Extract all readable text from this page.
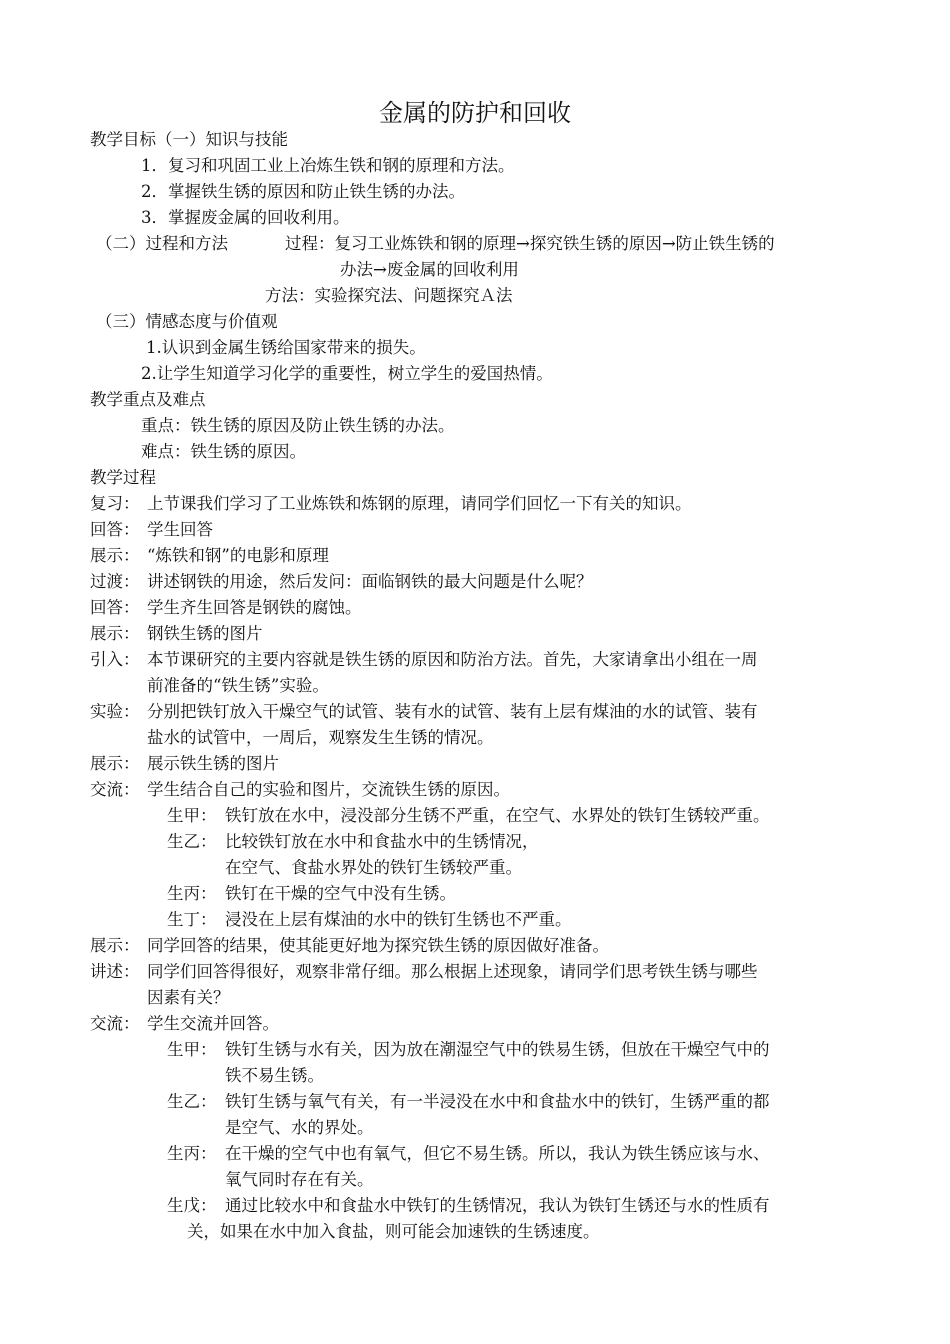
金属的防护和回收
教学目标（一）知识与技能
1．复习和巩固工业上冶炼生铁和钢的原理和方法。
2．掌握铁生锈的原因和防止铁生锈的办法。
3．掌握废金属的回收利用。
（二）过程和方法	过程：复习工业炼铁和钢的原理→探究铁生锈的原因→防止铁生锈的
办法→废金属的回收利用
方法：实验探究法、问题探究Ａ法
（三）情感态度与价值观
1.认识到金属生锈给国家带来的损失。
2.让学生知道学习化学的重要性，树立学生的爱国热情。
教学重点及难点
重点：铁生锈的原因及防止铁生锈的办法。
难点：铁生锈的原因。
教学过程
复习： 上节课我们学习了工业炼铁和炼钢的原理，请同学们回忆一下有关的知识。
回答： 学生回答
展示： “炼铁和钢”的电影和原理
过渡： 讲述钢铁的用途，然后发问：面临钢铁的最大问题是什么呢？
回答： 学生齐生回答是钢铁的腐蚀。
展示： 钢铁生锈的图片
引入： 本节课研究的主要内容就是铁生锈的原因和防治方法。首先，大家请拿出小组在一周
前准备的“铁生锈”实验。
实验： 分别把铁钉放入干燥空气的试管、装有水的试管、装有上层有煤油的水的试管、装有
盐水的试管中，一周后，观察发生生锈的情况。
展示： 展示铁生锈的图片
交流： 学生结合自己的实验和图片，交流铁生锈的原因。
生甲： 铁钉放在水中，浸没部分生锈不严重，在空气、水界处的铁钉生锈较严重。
生乙： 比较铁钉放在水中和食盐水中的生锈情况，
在空气、食盐水界处的铁钉生锈较严重。
生丙： 铁钉在干燥的空气中没有生锈。
生丁： 浸没在上层有煤油的水中的铁钉生锈也不严重。
展示： 同学回答的结果，使其能更好地为探究铁生锈的原因做好准备。
讲述： 同学们回答得很好，观察非常仔细。那么根据上述现象，请同学们思考铁生锈与哪些
因素有关？
交流： 学生交流并回答。
生甲： 铁钉生锈与水有关，因为放在潮湿空气中的铁易生锈，但放在干燥空气中的
铁不易生锈。
生乙： 铁钉生锈与氧气有关，有一半浸没在水中和食盐水中的铁钉，生锈严重的都
是空气、水的界处。
生丙： 在干燥的空气中也有氧气，但它不易生锈。所以，我认为铁生锈应该与水、
氧气同时存在有关。
生戊： 通过比较水中和食盐水中铁钉的生锈情况，我认为铁钉生锈还与水的性质有
关，如果在水中加入食盐，则可能会加速铁的生锈速度。
